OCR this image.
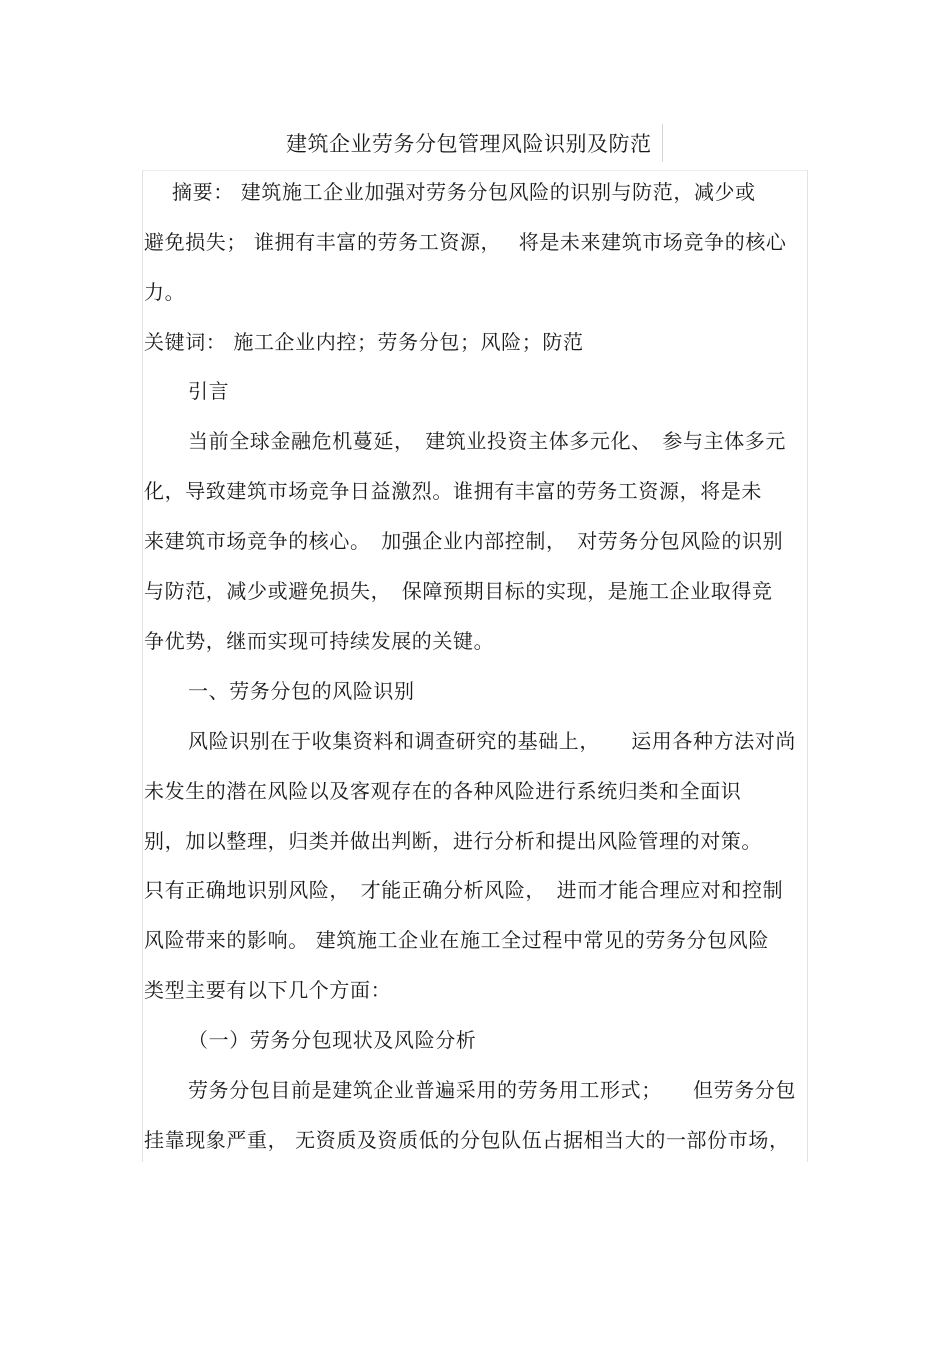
建筑企业劳务分包管理风险识别及防范
摘要： 建筑施工企业加强对劳务分包风险的识别与防范，减少或
避免损失； 谁拥有丰富的劳务工资源，　 将是未来建筑市场竞争的核心
力。
关键词： 施工企业内控；劳务分包；风险；防范
引言
当前全球金融危机蔓延，　建筑业投资主体多元化、　参与主体多元
化，导致建筑市场竞争日益激烈。谁拥有丰富的劳务工资源，将是未
来建筑市场竞争的核心。　加强企业内部控制，　对劳务分包风险的识别
与防范，减少或避免损失，　保障预期目标的实现，是施工企业取得竞
争优势，继而实现可持续发展的关键。
一、劳务分包的风险识别
风险识别在于收集资料和调查研究的基础上，　　运用各种方法对尚
未发生的潜在风险以及客观存在的各种风险进行系统归类和全面识
别，加以整理，归类并做出判断，进行分析和提出风险管理的对策。
只有正确地识别风险，　才能正确分析风险，　进而才能合理应对和控制
风险带来的影响。 建筑施工企业在施工全过程中常见的劳务分包风险
类型主要有以下几个方面：
（一）劳务分包现状及风险分析
劳务分包目前是建筑企业普遍采用的劳务用工形式；　　但劳务分包
挂靠现象严重， 无资质及资质低的分包队伍占据相当大的一部份市场，
